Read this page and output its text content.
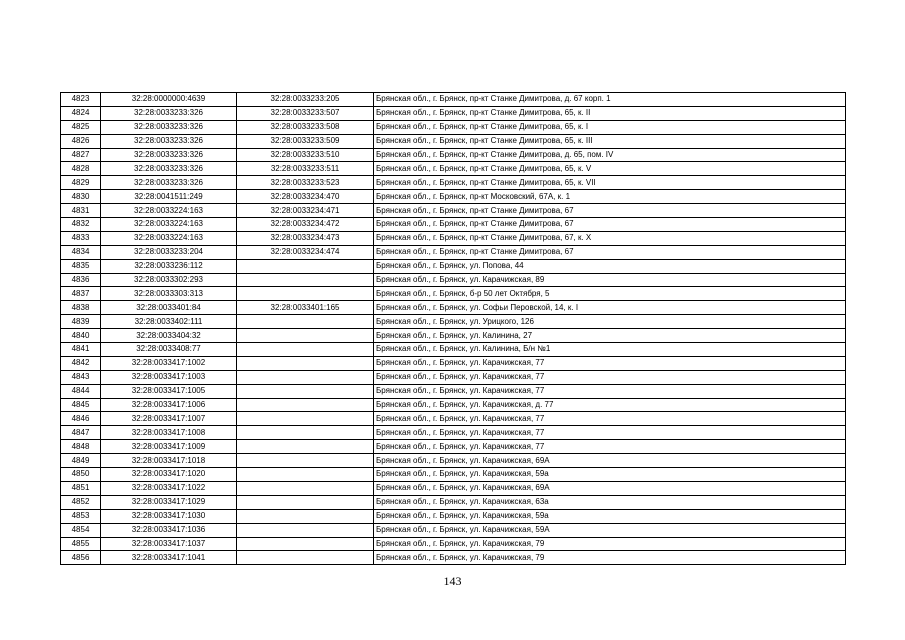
4823	32:28:0000000:4639	32:28:0033233:205	Брянская обл., г. Брянск, пр-кт Станке Димитрова, д. 67 корп. 1
4824	32:28:0033233:326	32:28:0033233:507	Брянская обл., г. Брянск, пр-кт Станке Димитрова, 65, к. II
4825	32:28:0033233:326	32:28:0033233:508	Брянская обл., г. Брянск, пр-кт Станке Димитрова, 65, к. I
4826	32:28:0033233:326	32:28:0033233:509	Брянская обл., г. Брянск, пр-кт Станке Димитрова, 65, к. III
4827	32:28:0033233:326	32:28:0033233:510	Брянская обл., г. Брянск, пр-кт Станке Димитрова, д. 65, пом. IV
4828	32:28:0033233:326	32:28:0033233:511	Брянская обл., г. Брянск, пр-кт Станке Димитрова, 65, к. V
4829	32:28:0033233:326	32:28:0033233:523	Брянская обл., г. Брянск, пр-кт Станке Димитрова, 65, к. VII
4830	32:28:0041511:249	32:28:0033234:470	Брянская обл., г. Брянск, пр-кт Московский, 67А, к. 1
4831	32:28:0033224:163	32:28:0033234:471	Брянская обл., г. Брянск, пр-кт Станке Димитрова, 67
4832	32:28:0033224:163	32:28:0033234:472	Брянская обл., г. Брянск, пр-кт Станке Димитрова, 67
4833	32:28:0033224:163	32:28:0033234:473	Брянская обл., г. Брянск, пр-кт Станке Димитрова, 67, к. X
4834	32:28:0033233:204	32:28:0033234:474	Брянская обл., г. Брянск, пр-кт Станке Димитрова, 67
4835	32:28:0033236:112		Брянская обл., г. Брянск, ул. Попова, 44
4836	32:28:0033302:293		Брянская обл., г. Брянск, ул. Карачижская, 89
4837	32:28:0033303:313		Брянская обл., г. Брянск, б-р 50 лет Октября, 5
4838	32:28:0033401:84	32:28:0033401:165	Брянская обл., г. Брянск, ул. Софьи Перовской, 14, к. I
4839	32:28:0033402:111		Брянская обл., г. Брянск, ул. Урицкого, 126
4840	32:28:0033404:32		Брянская обл., г. Брянск, ул. Калинина, 27
4841	32:28:0033408:77		Брянская обл., г. Брянск, ул. Калинина, Б/н №1
4842	32:28:0033417:1002		Брянская обл., г. Брянск, ул. Карачижская, 77
4843	32:28:0033417:1003		Брянская обл., г. Брянск, ул. Карачижская, 77
4844	32:28:0033417:1005		Брянская обл., г. Брянск, ул. Карачижская, 77
4845	32:28:0033417:1006		Брянская обл., г. Брянск, ул. Карачижская, д. 77
4846	32:28:0033417:1007		Брянская обл., г. Брянск, ул. Карачижская, 77
4847	32:28:0033417:1008		Брянская обл., г. Брянск, ул. Карачижская, 77
4848	32:28:0033417:1009		Брянская обл., г. Брянск, ул. Карачижская, 77
4849	32:28:0033417:1018		Брянская обл., г. Брянск, ул. Карачижская, 69А
4850	32:28:0033417:1020		Брянская обл., г. Брянск, ул. Карачижская, 59а
4851	32:28:0033417:1022		Брянская обл., г. Брянск, ул. Карачижская, 69А
4852	32:28:0033417:1029		Брянская обл., г. Брянск, ул. Карачижская, 63а
4853	32:28:0033417:1030		Брянская обл., г. Брянск, ул. Карачижская, 59а
4854	32:28:0033417:1036		Брянская обл., г. Брянск, ул. Карачижская, 59А
4855	32:28:0033417:1037		Брянская обл., г. Брянск, ул. Карачижская, 79
4856	32:28:0033417:1041		Брянская обл., г. Брянск, ул. Карачижская, 79
143
